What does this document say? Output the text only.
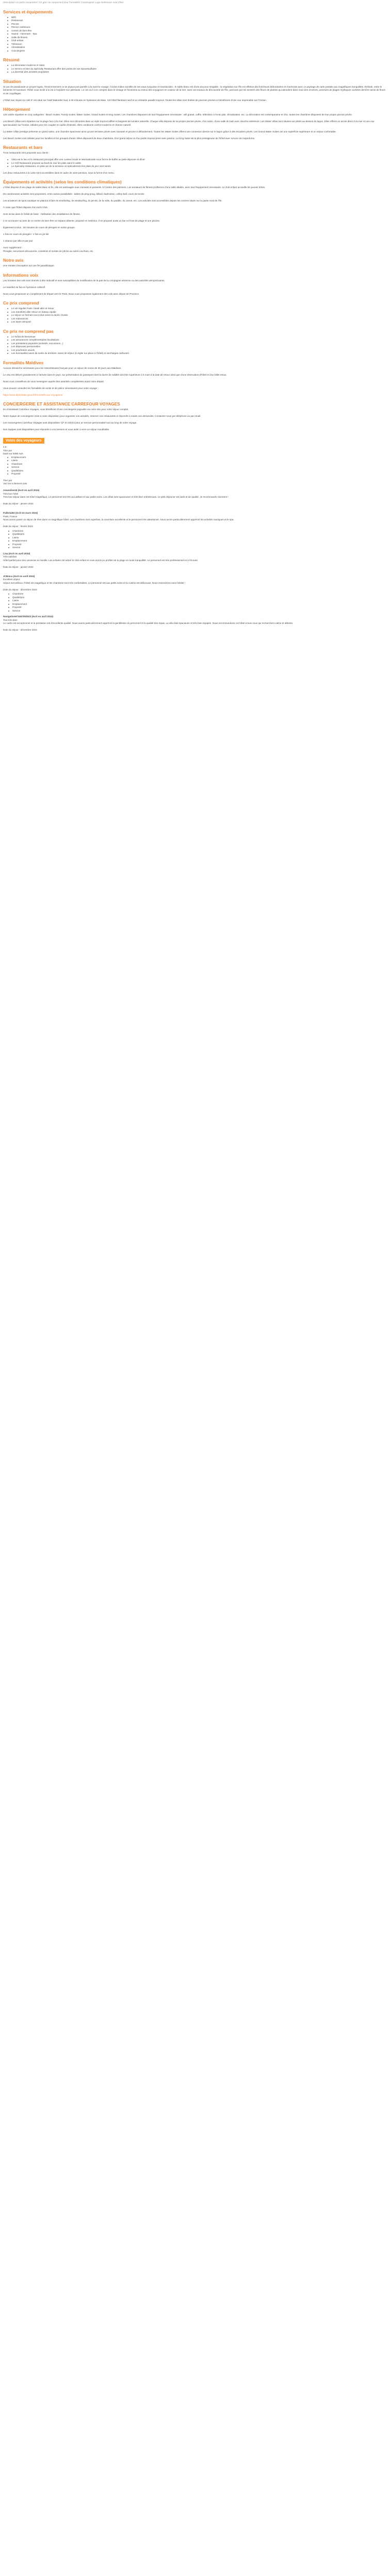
Description Ce parfa component ! Ce gars ne component pour Formalités Conciergerie Lugo Intelemuer Aviu Clinic

Services et équipements
WiFi
Restaurant
Piscine
Piscine extérieure
Centre de bien-être
Sauna - Hammam - Spa
Salle de fitness
Club enfant
Télévision
Climatisation
Conciergerie
Résumé
La décoration moderne et claire
Le service et bien du Spécialty Restaurant offre des points de vue époustouflants
La diversité des activités proposées
Situation

Si vue de paradoxale un propre logeix, l'environnement ce se joyaux pas pareille à la ravel le voyage. l'océan Indien scintille de ses eaux turquoise et translucides ; le sable blanc est d'une douceur inégalée ; la végétation sur l'île est effetive des fraîcheurs débordantes en harmonie avec ce paysage de carte postale aux magnifiques tranquilités. Embrak, entre le farniente et l'aventure, l'hôtel vous invite à la vie à l'explorer son plénitude. Le ces ou il a le compris dans le vintage et l'exotisme au mieux des voyageurs en couleur de la mer, sans ces travaux de découverte de l'île, parcours par les sentiers des fleurs de plantes qui abondent dans vous des environs, ponctués de plages mythiques cachées derrière tamis de fleurs et de coquillages.

L'hôtel Sun Siyam Iru Veli 5* est situé sur l'atoll Malombe Sud, à 40 minutes en hydravion de Male. Cet hôtel flambant neuf et un véritable paradis tropical. Toutes les villas sont dotées de piscines privées et bénéficient d'une vue imprenable sur l'Océan.

Hébergement

125 unités réparties en cinq catégories : Beach Suites, Family Suites, Water Suites, Grand Suites et King Suites. Les chambres disposent de tout l'équipement nécessaire : wifi gratuit, coffre, télévision à écran plat, climatisation, etc. La décoration est contemporaine et chic, toutes les chambres disposent de leur propre piscine privée.

Les Beach Villas sont réparties sur la plage face à la mer. Elles sont décorées dans un style tropical raffiné et baignent de lumière naturelle. Chaque villa dispose de sa propre piscine privée, d'un salon, d'une salle de bain avec douche extérieure. Les Water Villas sont situées sur pilotis au-dessus du lagon. Elles offrent un accès direct à la mer et une vue spectaculaire sur l'océan. Idéales pour les couples en quête d'intimité, elles combinent confort moderne et charme naturel.

La Water Villas prestige présente un grand salon, une chambre spacieuse ainsi qu'une terrasse privée avec transats et piscine à débordement. Toutes les Water Suites offrent une connexion directe sur le lagon grâce à des escaliers privés. Les Grand Water Suites ont une superficie supérieure et un séjour confortable.

Les Beach Suites sont idéales pour les familles et les groupes d'amis. Elles disposent de deux chambres, d'un grand séjour et d'un jardin tropical privé avec piscine. La King Suite est la plus prestigieuse de l'hôtel avec service de majordome.

Restaurants et bars

Trois restaurants sont proposés aux clients :

Vista est le lieu et le restaurant principal offre une cuisine locale et internationale sous forme de buffet au petit-déjeuner et dîner
Le Grill Restaurant proposé au bord de mer les plats dans le sable
Le Specialty restaurant, en plein air de la terrasse où spécialement les plats du jour sont servis

Les deux restaurants à la carte sont accessibles dans le cadre de votre pension, sous la forme d'un menu.

Équipements et activités (selon les conditions climatiques)

L'hôtel dispose d'une plage de sable blanc et fin, elle est aménagée avec transats et parasols, à l'ombre des palmiers. Les amateurs de fitness profiteront d'une salle dédiée, avec tout l'équipement nécessaire. Le club enfant accueille les jeunes hôtes.

De nombreuses activités sont proposées, entre autres possibilités : tables de ping-pong, billard, badminton, volley-ball, cours de tennis.

Les amateurs de sport nautique se plairont à faire du snorkeling, de windsurfing, du jet-ski, de la voile, du paddle, du canoë, etc. Les activités sont accessibles depuis les centres situés sur la partie nord de l'île.

À noter que l'hôtel dispose d'un Kid's Club.

Sont inclus dans le forfait de base : l'utilisation des installations de fitness.

L'on va trouver au sein de ce centre de bien-être un espace détente, proposé en extérieur. Il en proposé aussi un bar en front de plage et une piscine.

Également inclus : 30 minutes de cours de plongée en sortie groupe.

1 fois en cours de plongée / 1 fois en jet-ski

1 séance par villa et par jour

Avec supplément :

Plongée, excursions découverte, croisières et sorties de pêche au soleil couchant, etc.

Notre avis

Une retraite d'exception sur une île paradisiaque.

Informations voix

Les horaires des vols sont donnés à titre indicatif et sont susceptibles de modification de la part de la compagnie aérienne ou des autorités aéroportuaires.

Le transfert se fait en hydravion collectif.

Nous vous proposons un complément de départ vers le Paris. Nous vous proposons également des vols avec départ de Province.

Ce prix comprend
Le vol régulier Paris / Malé aller et retour
Les transferts aller retour en bateau rapide
Le séjour en formule tout inclus selon la durée choisie
Les redevances
Les taxes aéroport
Ce prix ne comprend pas
Le forfait de bienvenue
Les assurances complémentaires facultatives
Les prestations payantes (activités, excursions...)
Les dépenses personnelles
Les pourboires usuels
Les éventuelles taxes de sortie du territoire, taxes de séjour (à régler sur place à l'hôtel) et surcharges carburant
Formalités Maldives

Aucune démarche nécessaire pour les ressortissants français pour un séjour de moins de 30 jours aux Maldives.

Le visa est délivré gratuitement à l'arrivée dans le pays, sur présentation du passeport dont la durée de validité doit être supérieure à 6 mois à la date de retour ainsi que d'une réservation d'hôtel et d'un billet retour.

Nous vous conseillons de vous renseigner auprès des autorités compétentes avant votre départ.

Vous pouvez consulter les formalités de sortie et de police nécessaires pour votre voyage :

https://www.diplomatie.gouv.fr/fr/conseils-aux-voyageurs/

CONCIERGERIE ET ASSISTANCE CARREFOUR VOYAGES

En choisissant Carrefour Voyages, vous bénéficiez d'une conciergerie joignable via notre site pour votre séjour complet.

Notre équipe de conciergerie reste à votre disposition pour organiser vos activités, réserver vos restaurants et répondre à toutes vos demandes. Contactez-nous par téléphone ou par email.

Les conciergeries Carrefour Voyages sont disponibles 7j/7 et 24h/24 pour un service personnalisé tout au long de votre voyage.

Nos équipes sont disponibles pour répondre à vos besoins et vous aider à vivre un séjour inoubliable.

Votes des voyageurs

4,9

Trier par

basé sur 5098 Avis

Emplacement
Literie
Chambres
Service
Qualité/prix
Propreté

Trier par

Voir les 5 derniers avis

Amandine18 (écrit en avril 2024)
Très bon hôtel
Très bon séjour dans cet hôtel magnifique. Le personnel est très accueillant et aux petits soins. Les villas sont spacieuses et très bien entretenues. Le petit déjeuner est varié et de qualité. Je recommande vivement !
Date du séjour : janvier 2024
Pallerial63 (écrit en mars 2024)
Paris, France
Nous avons passé un séjour de rêve dans ce magnifique hôtel. Les chambres sont superbes, la nourriture excellente et le personnel très attentionné. Nous avons particulièrement apprécié les activités nautiques et le spa.
Date du séjour : février 2024
Chambres
Qualité/prix
Literie
Emplacement
Propreté
Service
Lina (écrit en avril 2024)
Très satisfait
Hôtel parfait pour des vacances en famille. Les enfants ont adoré le club enfant et nous avons pu profiter de la plage en toute tranquillité. Le personnel est très professionnel et à l'écoute.
Date du séjour : janvier 2024
JCBmca (écrit en avril 2024)
Excellent séjour
Séjour merveilleux, l'hôtel est magnifique et les chambres sont très confortables. Le personnel est aux petits soins et la cuisine est délicieuse. Nous reviendrons sans hésiter !
Date du séjour : décembre 2023
Chambres
Qualité/prix
Literie
Emplacement
Propreté
Service
Navigation673467053523 (écrit en avril 2024)
Tout très bien
Le cadre est exceptionnel et la prestation est d'excellente qualité. Nous avons particulièrement apprécié la gentillesse du personnel et la qualité des repas. La villa était spacieuse et très bien équipée. Nous recommandons cet hôtel à tous ceux qui recherchent calme et détente.
Date du séjour : décembre 2023
